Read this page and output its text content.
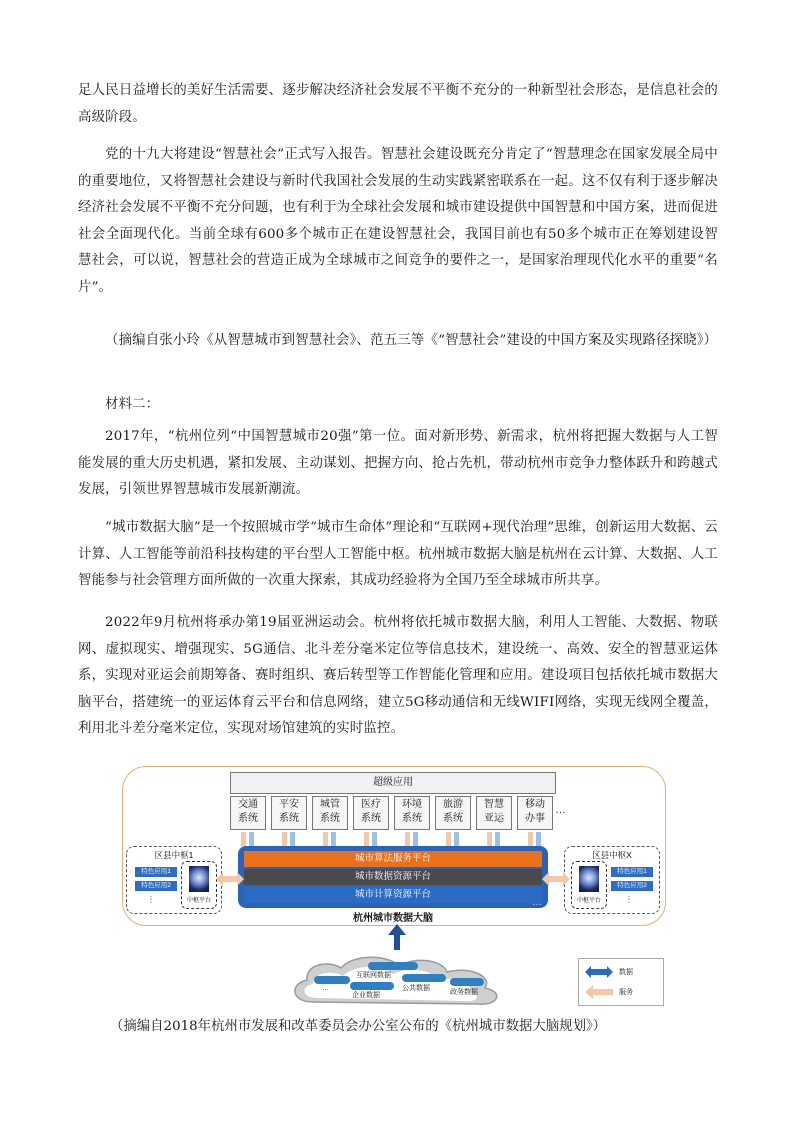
足人民日益增长的美好生活需要、逐步解决经济社会发展不平衡不充分的一种新型社会形态，是信息社会的高级阶段。

党的十九大将建设“智慧社会”正式写入报告。智慧社会建设既充分肯定了“智慧理念在国家发展全局中的重要地位，又将智慧社会建设与新时代我国社会发展的生动实践紧密联系在一起。这不仅有利于逐步解决经济社会发展不平衡不充分问题，也有利于为全球社会发展和城市建设提供中国智慧和中国方案，进而促进社会全面现代化。当前全球有600多个城市正在建设智慧社会，我国目前也有50多个城市正在筹划建设智慧社会，可以说，智慧社会的营造正成为全球城市之间竞争的要件之一，是国家治理现代化水平的重要“名片”。

（摘编自张小玲《从智慧城市到智慧社会》、范五三等《“智慧社会”建设的中国方案及实现路径探晓》）

材料二：

2017年，“杭州位列“中国智慧城市20强”第一位。面对新形势、新需求，杭州将把握大数据与人工智能发展的重大历史机遇，紧扣发展、主动谋划、把握方向、抢占先机，带动杭州市竞争力整体跃升和跨越式发展，引领世界智慧城市发展新潮流。

“城市数据大脑”是一个按照城市学“城市生命体”理论和“互联网+现代治理”思维，创新运用大数据、云计算、人工智能等前沿科技构建的平台型人工智能中枢。杭州城市数据大脑是杭州在云计算、大数据、人工智能参与社会管理方面所做的一次重大探索，其成功经验将为全国乃至全球城市所共享。

2022年9月杭州将承办第19届亚洲运动会。杭州将依托城市数据大脑，利用人工智能、大数据、物联网、虚拟现实、增强现实、5G通信、北斗差分毫米定位等信息技术，建设统一、高效、安全的智慧亚运体系，实现对亚运会前期筹备、赛时组织、赛后转型等工作智能化管理和应用。建设项目包括依托城市数据大脑平台，搭建统一的亚运体育云平台和信息网络，建立5G移动通信和无线WIFI网络，实现无线网全覆盖，利用北斗差分毫米定位，实现对场馆建筑的实时监控。

超级应用
交通
系统
平安
系统
城管
系统
医疗
系统
环境
系统
旅游
系统
智慧
亚运
移动
办事
…
城市算法服务平台
城市数据资源平台
城市计算资源平台
…
杭州城市数据大脑
区县中枢1
特色应用1
特色应用2
⋮	中枢平台
区县中枢X
中枢平台
特色应用1
特色应用2
⋮
互联网数据
…
企业数据
公共数据
政务数据
数据
服务

（摘编自2018年杭州市发展和改革委员会办公室公布的《杭州城市数据大脑规划》）
